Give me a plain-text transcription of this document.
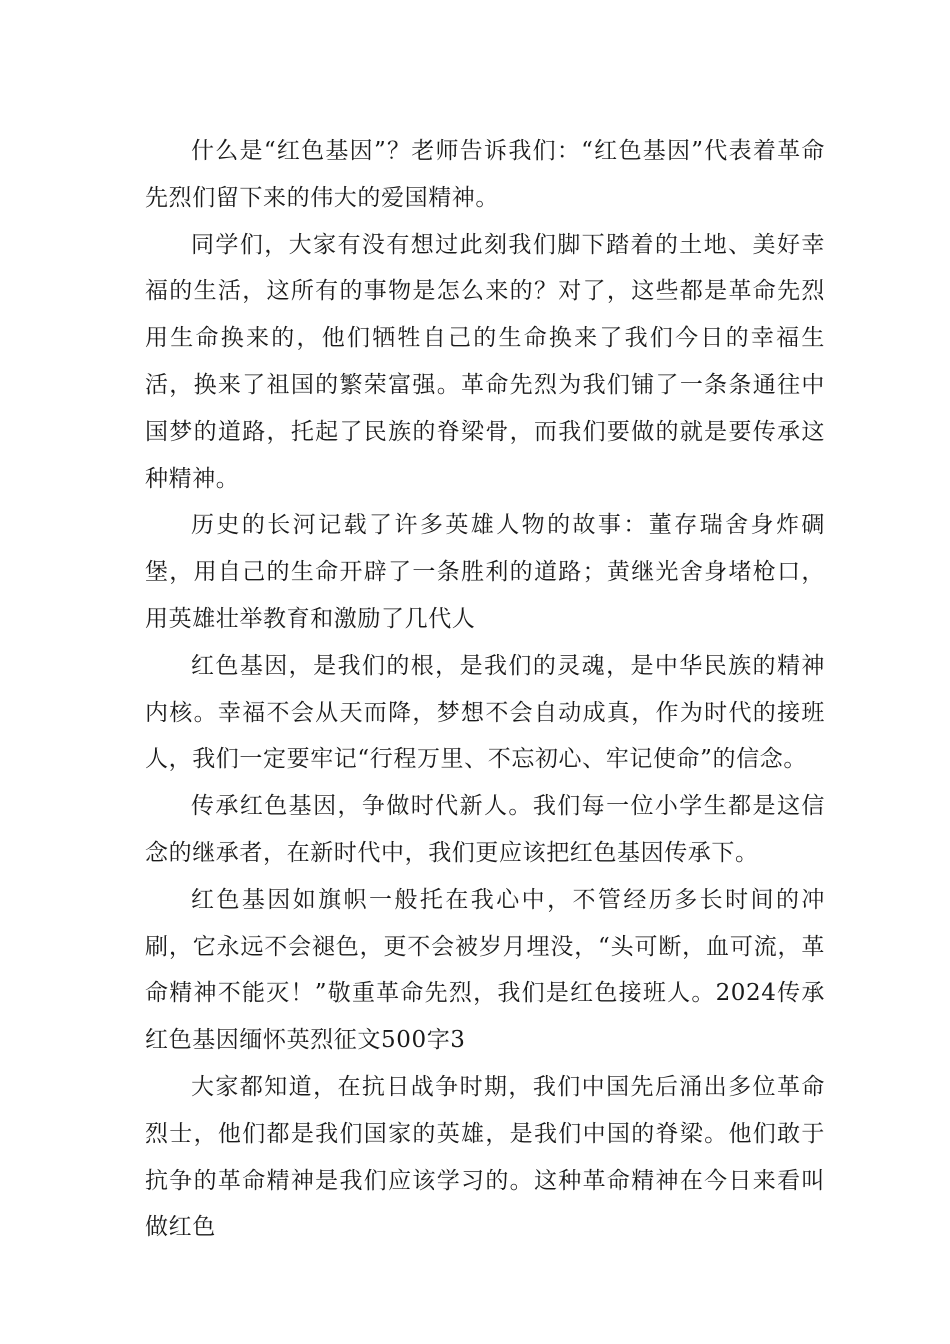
什么是“红色基因”？老师告诉我们：“红色基因”代表着革命先烈们留下来的伟大的爱国精神。

同学们，大家有没有想过此刻我们脚下踏着的土地、美好幸福的生活，这所有的事物是怎么来的？对了，这些都是革命先烈用生命换来的，他们牺牲自己的生命换来了我们今日的幸福生活，换来了祖国的繁荣富强。革命先烈为我们铺了一条条通往中国梦的道路，托起了民族的脊梁骨，而我们要做的就是要传承这种精神。

历史的长河记载了许多英雄人物的故事：董存瑞舍身炸碉堡，用自己的生命开辟了一条胜利的道路；黄继光舍身堵枪口，用英雄壮举教育和激励了几代人

红色基因，是我们的根，是我们的灵魂，是中华民族的精神内核。幸福不会从天而降，梦想不会自动成真，作为时代的接班人，我们一定要牢记“行程万里、不忘初心、牢记使命”的信念。

传承红色基因，争做时代新人。我们每一位小学生都是这信念的继承者，在新时代中，我们更应该把红色基因传承下。

红色基因如旗帜一般托在我心中，不管经历多长时间的冲刷，它永远不会褪色，更不会被岁月埋没，“头可断，血可流，革命精神不能灭！”敬重革命先烈，我们是红色接班人。2024传承红色基因缅怀英烈征文500字3

大家都知道，在抗日战争时期，我们中国先后涌出多位革命烈士，他们都是我们国家的英雄，是我们中国的脊梁。他们敢于抗争的革命精神是我们应该学习的。这种革命精神在今日来看叫做红色
